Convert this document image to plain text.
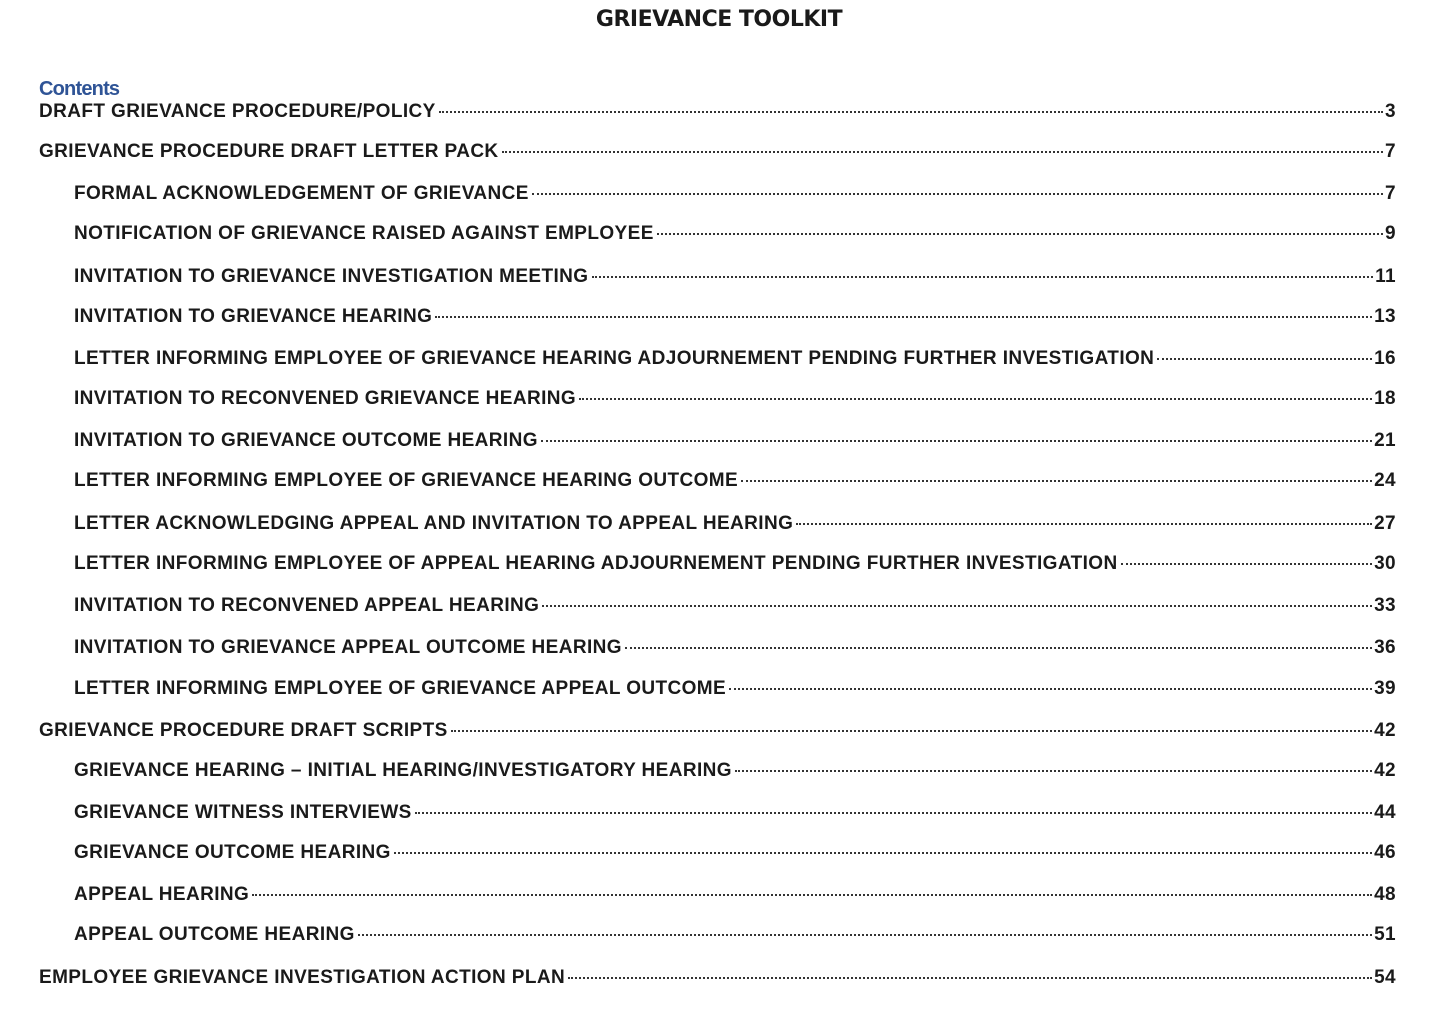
GRIEVANCE TOOLKIT
Contents
DRAFT GRIEVANCE PROCEDURE/POLICY	3
GRIEVANCE PROCEDURE DRAFT LETTER PACK	7
FORMAL ACKNOWLEDGEMENT OF GRIEVANCE	7
NOTIFICATION OF GRIEVANCE RAISED AGAINST EMPLOYEE	9
INVITATION TO GRIEVANCE INVESTIGATION MEETING	11
INVITATION TO GRIEVANCE HEARING	13
LETTER INFORMING EMPLOYEE OF GRIEVANCE HEARING ADJOURNEMENT PENDING FURTHER INVESTIGATION	16
INVITATION TO RECONVENED GRIEVANCE HEARING	18
INVITATION TO GRIEVANCE OUTCOME HEARING	21
LETTER INFORMING EMPLOYEE OF GRIEVANCE HEARING OUTCOME	24
LETTER ACKNOWLEDGING APPEAL AND INVITATION TO APPEAL HEARING	27
LETTER INFORMING EMPLOYEE OF APPEAL HEARING ADJOURNEMENT PENDING FURTHER INVESTIGATION	30
INVITATION TO RECONVENED APPEAL HEARING	33
INVITATION TO GRIEVANCE APPEAL OUTCOME HEARING	36
LETTER INFORMING EMPLOYEE OF GRIEVANCE APPEAL OUTCOME	39
GRIEVANCE PROCEDURE DRAFT SCRIPTS	42
GRIEVANCE HEARING – INITIAL HEARING/INVESTIGATORY HEARING	42
GRIEVANCE WITNESS INTERVIEWS	44
GRIEVANCE OUTCOME HEARING	46
APPEAL HEARING	48
APPEAL OUTCOME HEARING	51
EMPLOYEE GRIEVANCE INVESTIGATION ACTION PLAN	54
